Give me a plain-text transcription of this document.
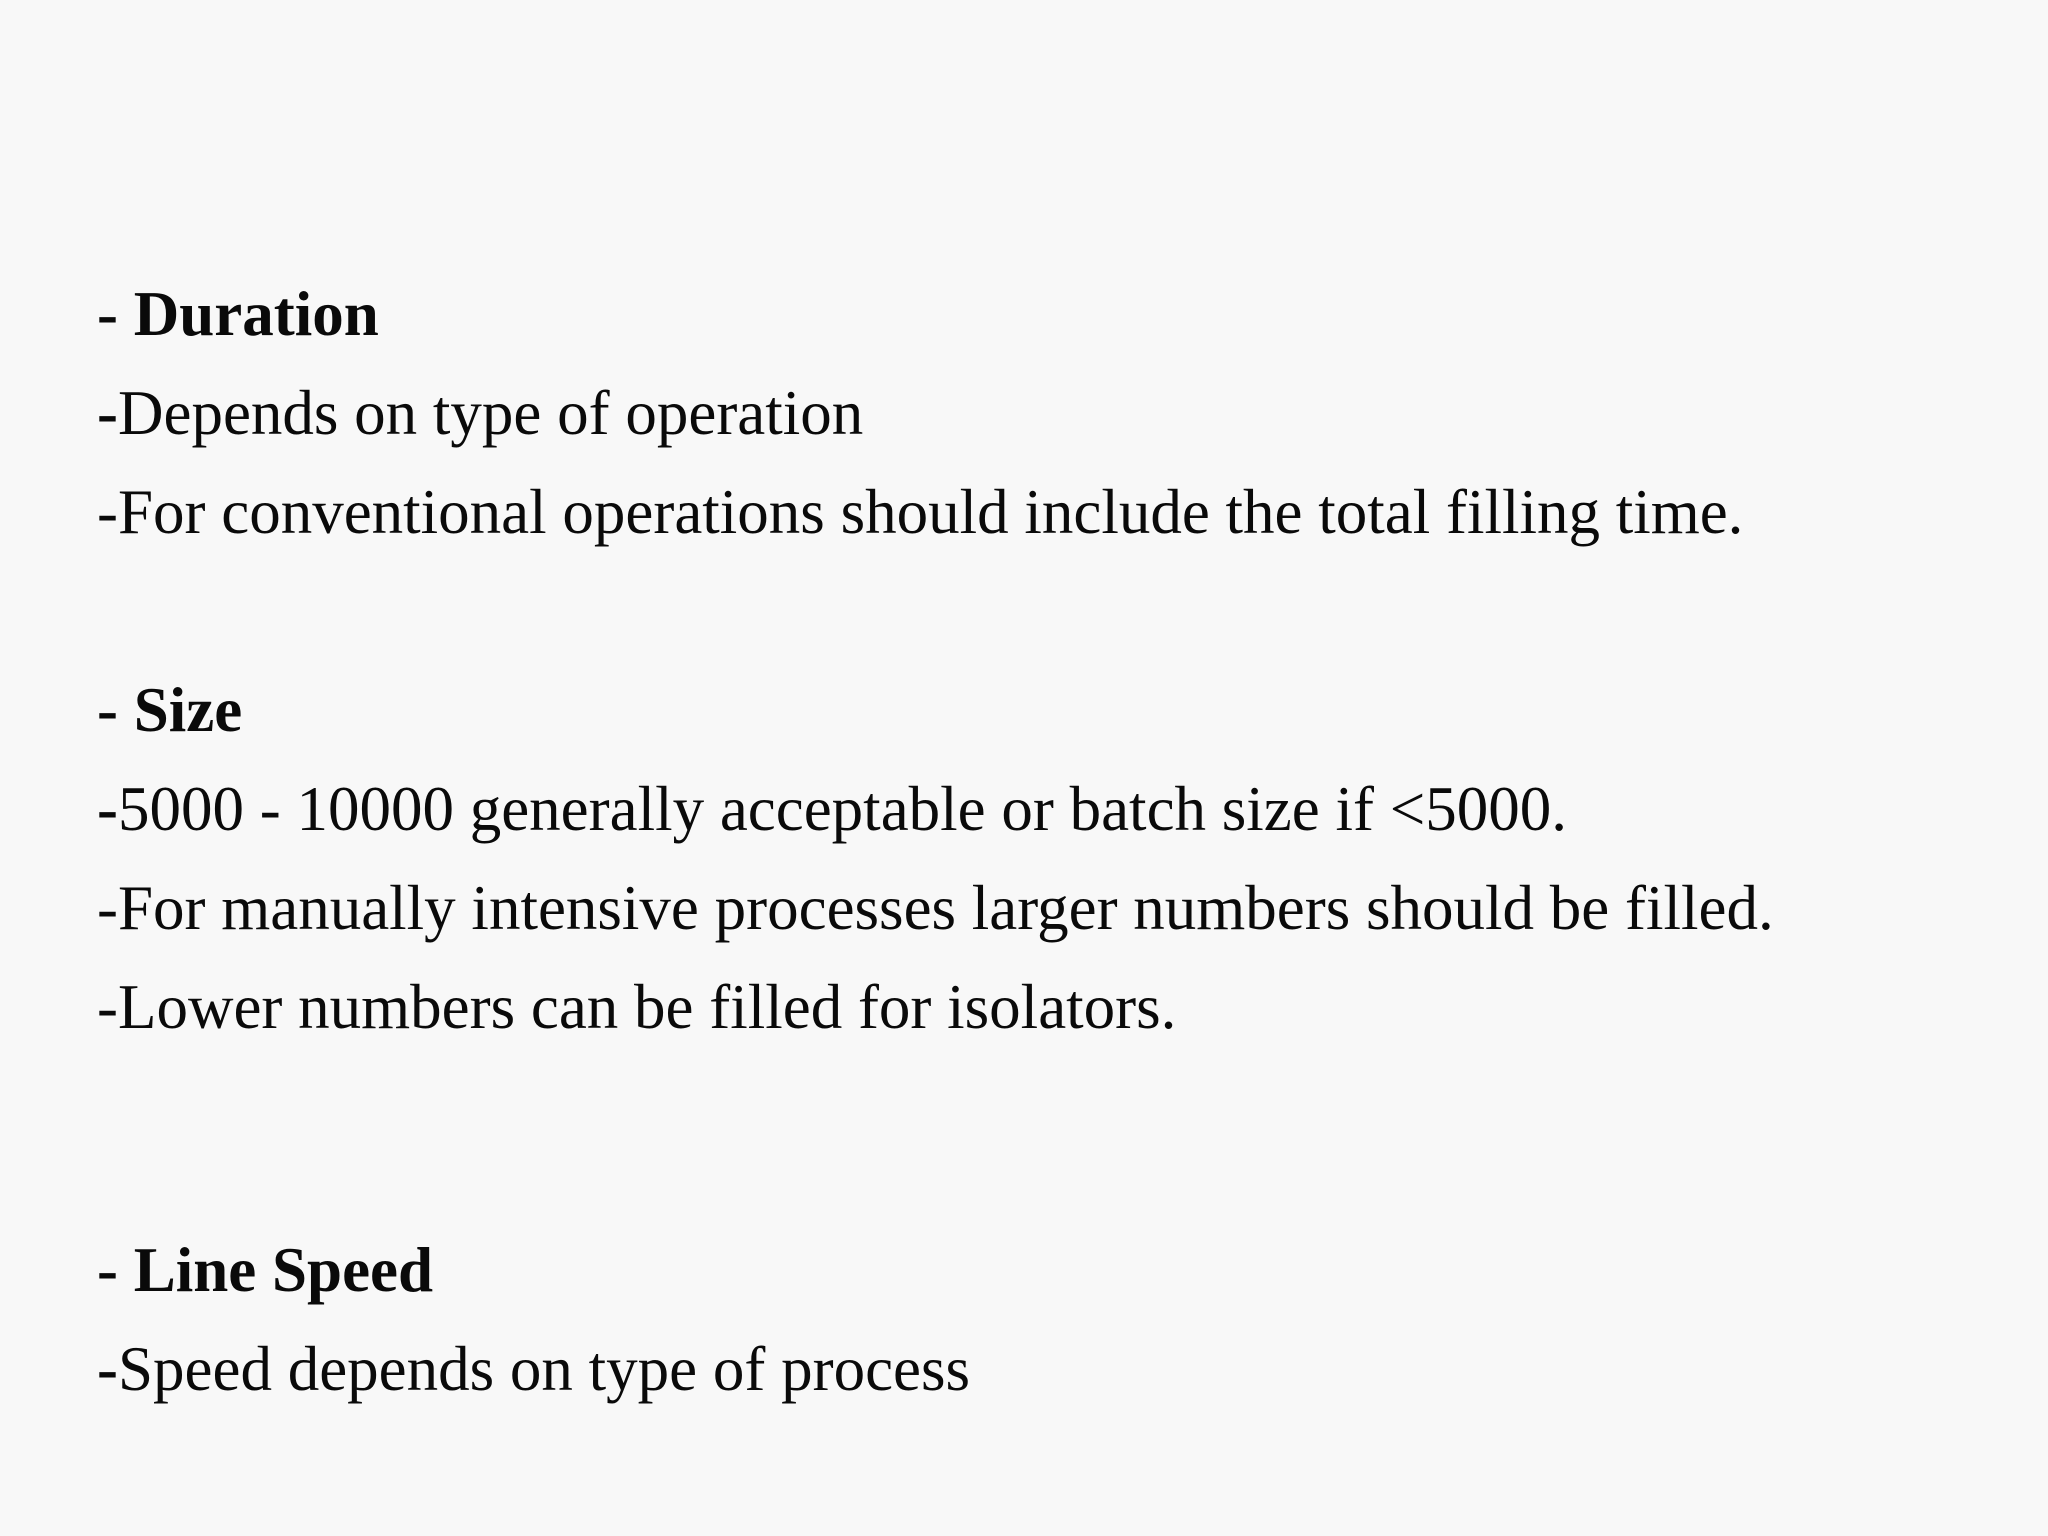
- Duration
-Depends on type of operation
-For conventional operations should include the total filling time.
- Size
-5000 - 10000 generally acceptable or batch size if <5000.
-For manually intensive processes larger numbers should be filled.
-Lower numbers can be filled for isolators.
- Line Speed
-Speed depends on type of process
